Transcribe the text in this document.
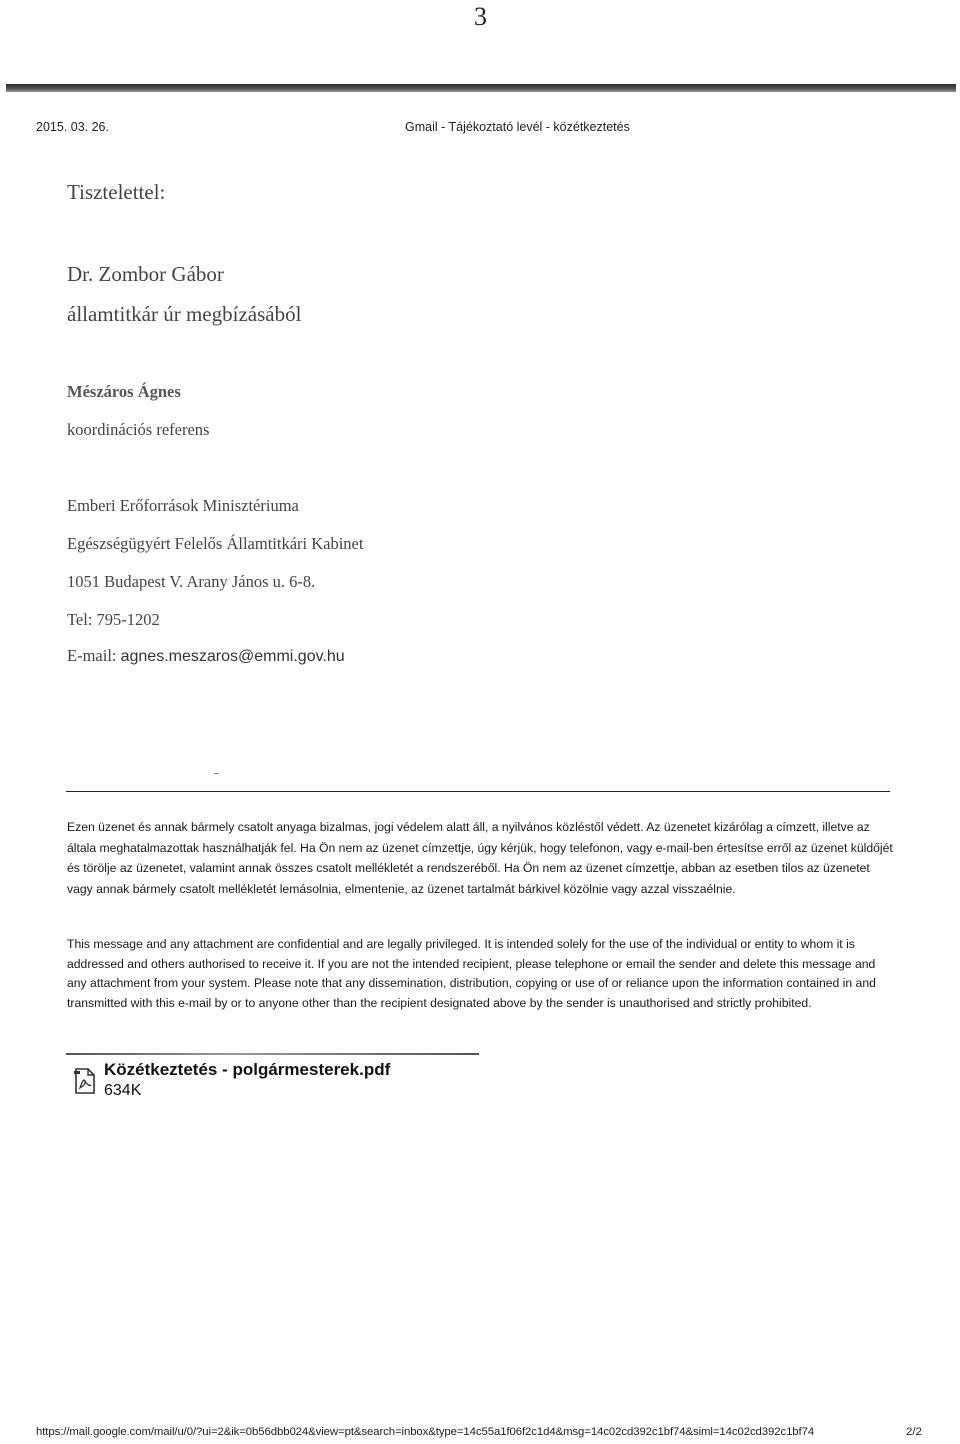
3
2015. 03. 26.	Gmail - Tájékoztató levél - közétkeztetés
Tisztelettel:
Dr. Zombor Gábor
államtitkár úr megbízásából
Mészáros Ágnes
koordinációs referens
Emberi Erőforrások Minisztériuma
Egészségügyért Felelős Államtitkári Kabinet
1051 Budapest V. Arany János u. 6-8.
Tel: 795-1202
E-mail: agnes.meszaros@emmi.gov.hu

Ezen üzenet és annak bármely csatolt anyaga bizalmas, jogi védelem alatt áll, a nyilvános közléstől védett. Az üzenetet kizárólag a címzett, illetve az általa meghatalmazottak használhatják fel. Ha Ön nem az üzenet címzettje, úgy kérjük, hogy telefonon, vagy e-mail-ben értesítse erről az üzenet küldőjét és törölje az üzenetet, valamint annak összes csatolt mellékletét a rendszeréből. Ha Ön nem az üzenet címzettje, abban az esetben tilos az üzenetet vagy annak bármely csatolt mellékletét lemásolnia, elmentenie, az üzenet tartalmát bárkivel közölnie vagy azzal visszaélnie.

This message and any attachment are confidential and are legally privileged. It is intended solely for the use of the individual or entity to whom it is addressed and others authorised to receive it. If you are not the intended recipient, please telephone or email the sender and delete this message and any attachment from your system. Please note that any dissemination, distribution, copying or use of or reliance upon the information contained in and transmitted with this e-mail by or to anyone other than the recipient designated above by the sender is unauthorised and strictly prohibited.

Közétkeztetés - polgármesterek.pdf
634K
https://mail.google.com/mail/u/0/?ui=2&ik=0b56dbb024&view=pt&search=inbox&type=14c55a1f06f2c1d4&msg=14c02cd392c1bf74&siml=14c02cd392c1bf74	2/2
